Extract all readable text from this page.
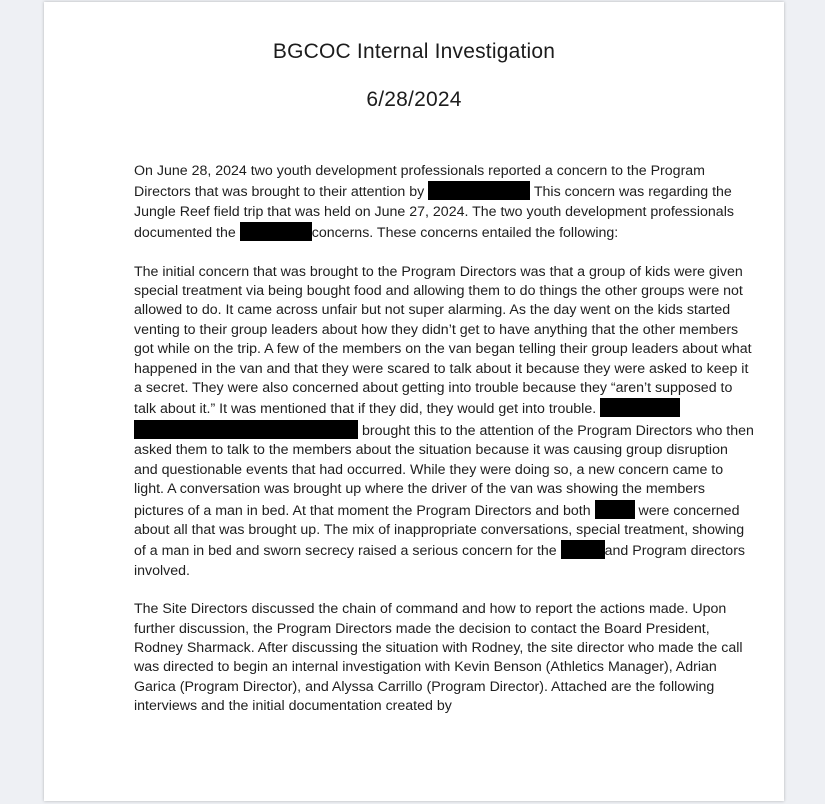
BGCOC Internal Investigation
6/28/2024

On June 28, 2024 two youth development professionals reported a concern to the Program Directors that was brought to their attention by	This concern was regarding the Jungle Reef field trip that was held on June 27, 2024. The two youth development professionals documented the	concerns. These concerns entailed the following:

The initial concern that was brought to the Program Directors was that a group of kids were given special treatment via being bought food and allowing them to do things the other groups were not allowed to do. It came across unfair but not super alarming. As the day went on the kids started venting to their group leaders about how they didn’t get to have anything that the other members got while on the trip. A few of the members on the van began telling their group leaders about what happened in the van and that they were scared to talk about it because they were asked to keep it a secret. They were also concerned about getting into trouble because they “aren’t supposed to talk about it.” It was mentioned that if they did, they would get into trouble.   brought this to the attention of the Program Directors who then asked them to talk to the members about the situation because it was causing group disruption and questionable events that had occurred. While they were doing so, a new concern came to light. A conversation was brought up where the driver of the van was showing the members pictures of a man in bed. At that moment the Program Directors and both	were concerned about all that was brought up. The mix of inappropriate conversations, special treatment, showing of a man in bed and sworn secrecy raised a serious concern for the	and Program directors involved.

The Site Directors discussed the chain of command and how to report the actions made. Upon further discussion, the Program Directors made the decision to contact the Board President, Rodney Sharmack. After discussing the situation with Rodney, the site director who made the call was directed to begin an internal investigation with Kevin Benson (Athletics Manager), Adrian Garica (Program Director), and Alyssa Carrillo (Program Director). Attached are the following interviews and the initial documentation created by
